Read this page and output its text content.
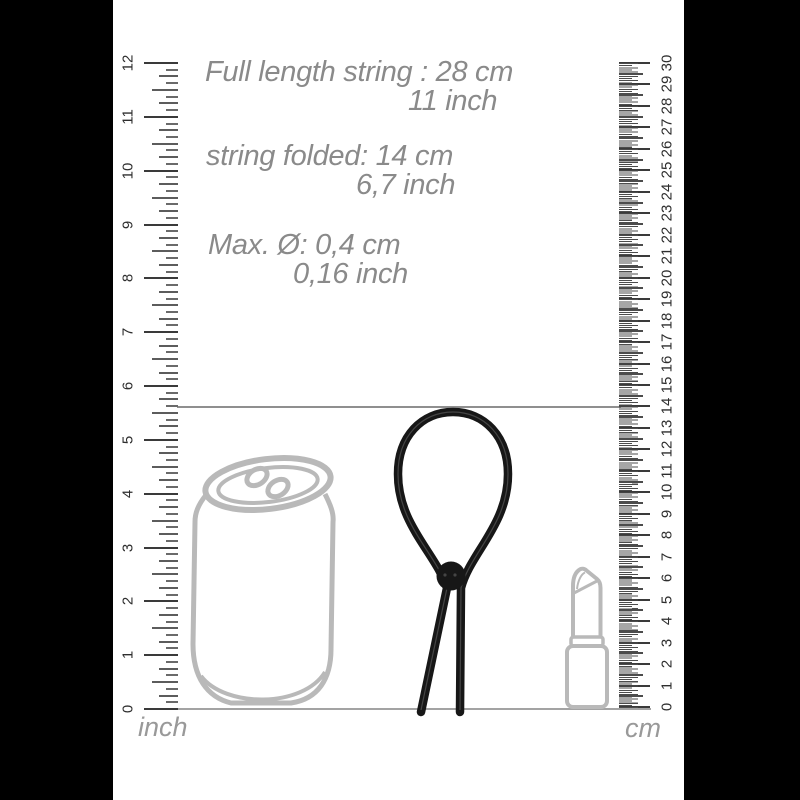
Full length string : 28 cm
11 inch
string folded: 14 cm
6,7 inch
Max. Ø: 0,4 cm
0,16 inch
0
1
2
3
4
5
6
7
8
9
10
11
12
0
1
2
3
4
5
6
7
8
9
10
11
12
13
14
15
16
17
18
19
20
21
22
23
24
25
26
27
28
29
30
inch	cm
